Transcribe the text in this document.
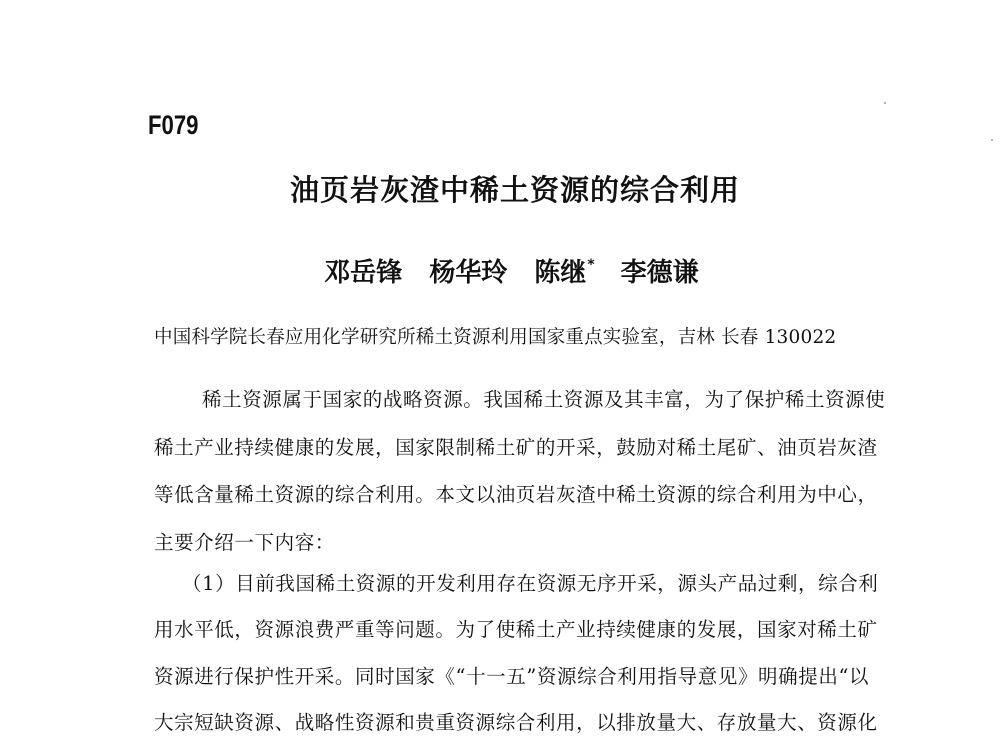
F079
油页岩灰渣中稀土资源的综合利用
邓岳锋 杨华玲 陈继* 李德谦
中国科学院长春应用化学研究所稀土资源利用国家重点实验室，吉林 长春 130022
稀土资源属于国家的战略资源。我国稀土资源及其丰富，为了保护稀土资源使
稀土产业持续健康的发展，国家限制稀土矿的开采，鼓励对稀土尾矿、油页岩灰渣
等低含量稀土资源的综合利用。本文以油页岩灰渣中稀土资源的综合利用为中心，
主要介绍一下内容：
（1）目前我国稀土资源的开发利用存在资源无序开采，源头产品过剩，综合利
用水平低，资源浪费严重等问题。为了使稀土产业持续健康的发展，国家对稀土矿
资源进行保护性开采。同时国家《“十一五”资源综合利用指导意见》明确提出“以
大宗短缺资源、战略性资源和贵重资源综合利用，以排放量大、存放量大、资源化
